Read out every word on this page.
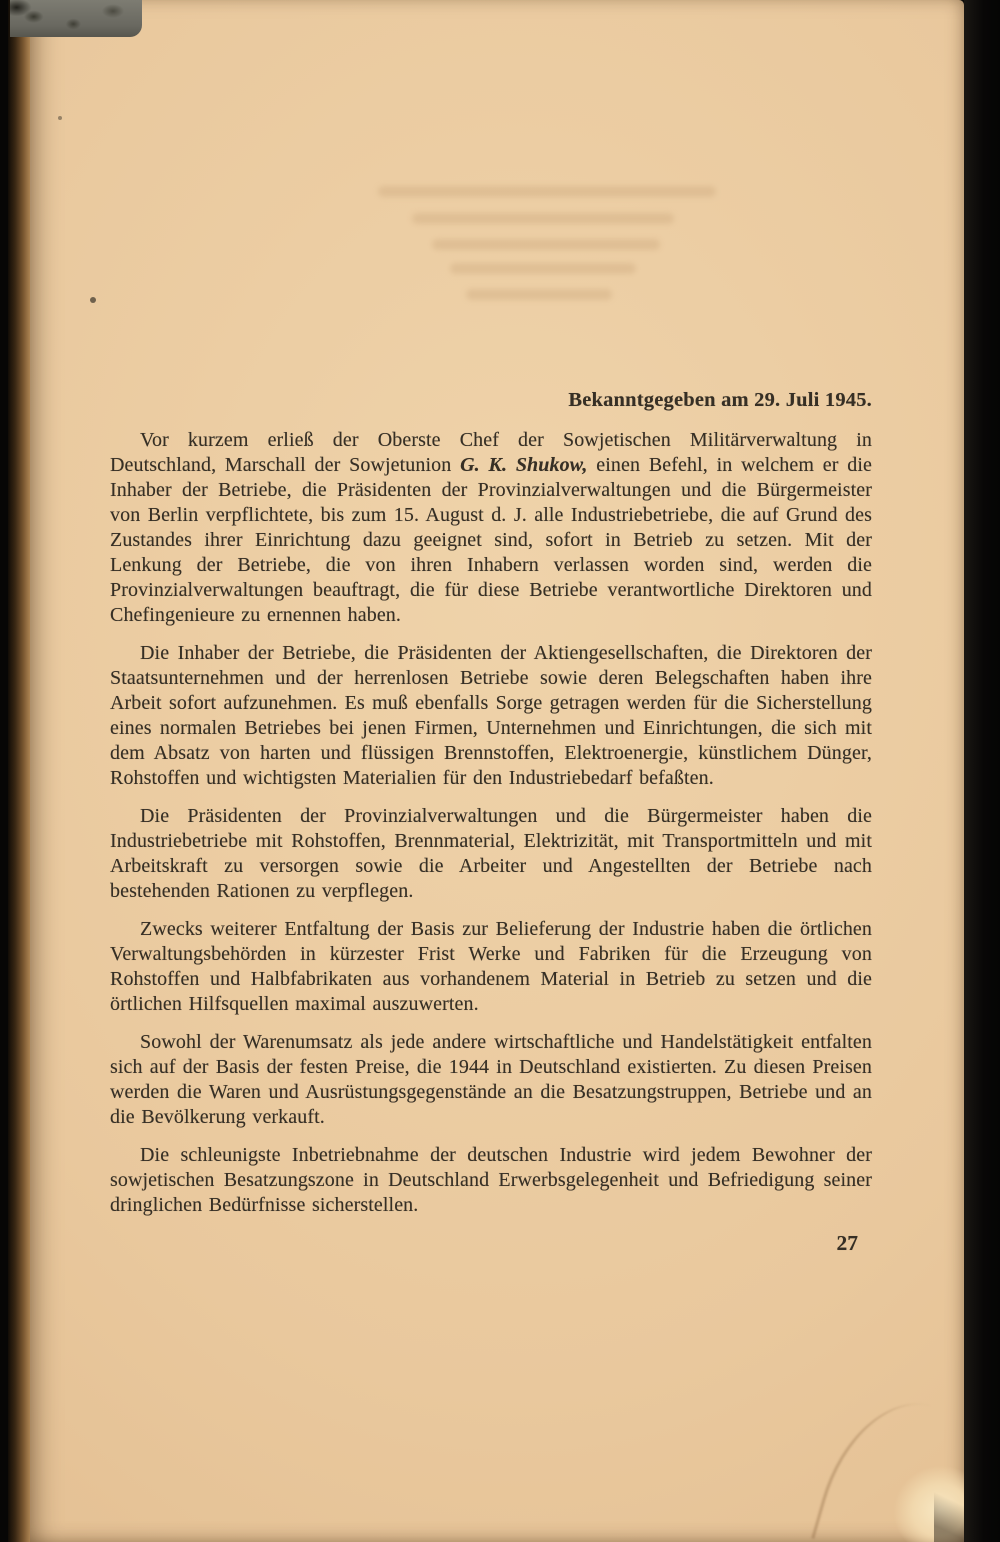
Bekanntgegeben am 29. Juli 1945.

Vor kurzem erließ der Oberste Chef der Sowjetischen Militärverwaltung in Deutschland, Marschall der Sowjetunion G. K. Shukow, einen Befehl, in welchem er die Inhaber der Betriebe, die Präsidenten der Provinzialverwaltungen und die Bürgermeister von Berlin verpflichtete, bis zum 15. August d. J. alle Industriebetriebe, die auf Grund des Zustandes ihrer Einrichtung dazu geeignet sind, sofort in Betrieb zu setzen. Mit der Lenkung der Betriebe, die von ihren Inhabern verlassen worden sind, werden die Provinzialverwaltungen beauftragt, die für diese Betriebe verantwortliche Direktoren und Chefingenieure zu ernennen haben.

Die Inhaber der Betriebe, die Präsidenten der Aktiengesellschaften, die Direktoren der Staatsunternehmen und der herrenlosen Betriebe sowie deren Belegschaften haben ihre Arbeit sofort aufzunehmen. Es muß ebenfalls Sorge getragen werden für die Sicherstellung eines normalen Betriebes bei jenen Firmen, Unternehmen und Einrichtungen, die sich mit dem Absatz von harten und flüssigen Brennstoffen, Elektroenergie, künstlichem Dünger, Rohstoffen und wichtigsten Materialien für den Industriebedarf befaßten.

Die Präsidenten der Provinzialverwaltungen und die Bürgermeister haben die Industriebetriebe mit Rohstoffen, Brennmaterial, Elektrizität, mit Transportmitteln und mit Arbeitskraft zu versorgen sowie die Arbeiter und Angestellten der Betriebe nach bestehenden Rationen zu verpflegen.

Zwecks weiterer Entfaltung der Basis zur Belieferung der Industrie haben die örtlichen Verwaltungsbehörden in kürzester Frist Werke und Fabriken für die Erzeugung von Rohstoffen und Halbfabrikaten aus vorhandenem Material in Betrieb zu setzen und die örtlichen Hilfsquellen maximal auszuwerten.

Sowohl der Warenumsatz als jede andere wirtschaftliche und Handelstätigkeit entfalten sich auf der Basis der festen Preise, die 1944 in Deutschland existierten. Zu diesen Preisen werden die Waren und Ausrüstungsgegenstände an die Besatzungstruppen, Betriebe und an die Bevölkerung verkauft.

Die schleunigste Inbetriebnahme der deutschen Industrie wird jedem Bewohner der sowjetischen Besatzungszone in Deutschland Erwerbsgelegenheit und Befriedigung seiner dringlichen Bedürfnisse sicherstellen.

27
